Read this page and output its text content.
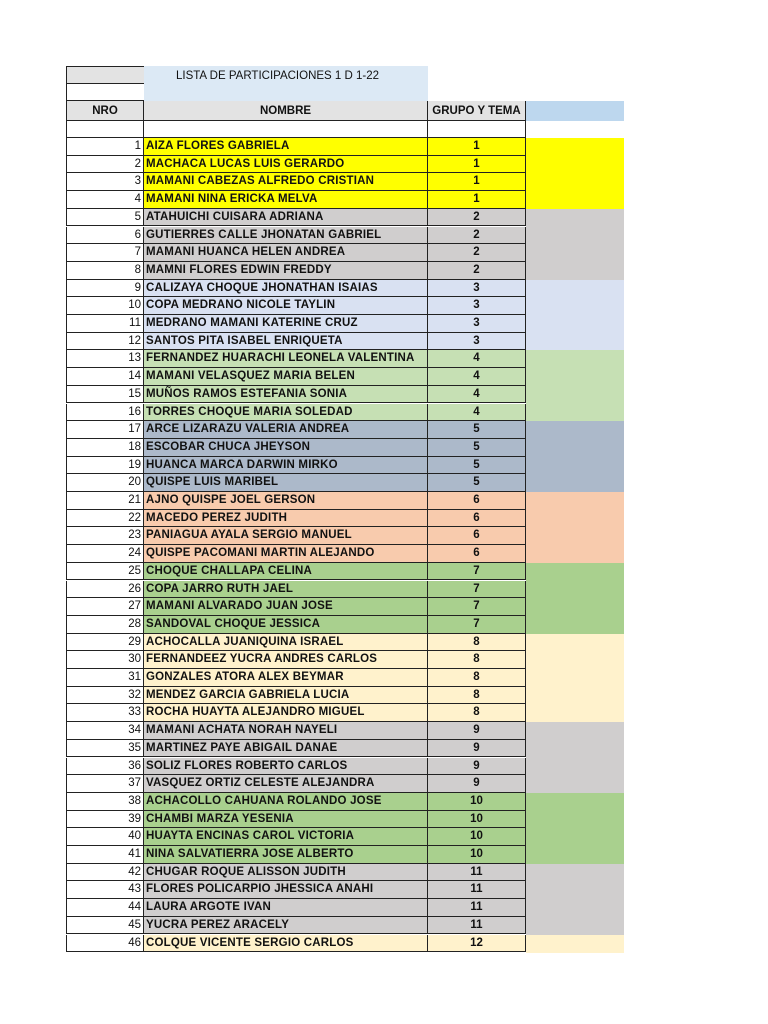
LISTA DE PARTICIPACIONES 1 D 1-22
NRO	NOMBRE	GRUPO Y TEMA
1 AIZA FLORES GABRIELA	1
2 MACHACA LUCAS LUIS GERARDO	1
3 MAMANI CABEZAS ALFREDO CRISTIAN	1
4 MAMANI NINA ERICKA MELVA	1
5 ATAHUICHI CUISARA ADRIANA	2
6 GUTIERRES CALLE JHONATAN GABRIEL	2
7 MAMANI HUANCA HELEN ANDREA	2
8 MAMNI FLORES EDWIN FREDDY	2
9 CALIZAYA CHOQUE JHONATHAN ISAIAS	3
10 COPA MEDRANO NICOLE TAYLIN	3
11 MEDRANO MAMANI KATERINE CRUZ	3
12 SANTOS PITA ISABEL ENRIQUETA	3
13 FERNANDEZ HUARACHI LEONELA VALENTINA	4
14 MAMANI VELASQUEZ MARIA BELEN	4
15 MUÑOS RAMOS ESTEFANIA SONIA	4
16 TORRES CHOQUE MARIA SOLEDAD	4
17 ARCE LIZARAZU VALERIA ANDREA	5
18 ESCOBAR CHUCA JHEYSON	5
19 HUANCA MARCA DARWIN MIRKO	5
20 QUISPE LUIS MARIBEL	5
21 AJNO QUISPE JOEL GERSON	6
22 MACEDO PEREZ JUDITH	6
23 PANIAGUA AYALA SERGIO MANUEL	6
24 QUISPE PACOMANI MARTIN ALEJANDO	6
25 CHOQUE CHALLAPA CELINA	7
26 COPA JARRO RUTH JAEL	7
27 MAMANI ALVARADO JUAN JOSE	7
28 SANDOVAL CHOQUE JESSICA	7
29 ACHOCALLA JUANIQUINA ISRAEL	8
30 FERNANDEEZ YUCRA ANDRES CARLOS	8
31 GONZALES ATORA ALEX BEYMAR	8
32 MENDEZ GARCIA GABRIELA LUCIA	8
33 ROCHA HUAYTA ALEJANDRO MIGUEL	8
34 MAMANI ACHATA NORAH NAYELI	9
35 MARTINEZ PAYE ABIGAIL DANAE	9
36 SOLIZ FLORES ROBERTO CARLOS	9
37 VASQUEZ ORTIZ CELESTE ALEJANDRA	9
38 ACHACOLLO CAHUANA ROLANDO JOSE	10
39 CHAMBI MARZA YESENIA	10
40 HUAYTA ENCINAS CAROL VICTORIA	10
41 NINA SALVATIERRA JOSE ALBERTO	10
42 CHUGAR ROQUE ALISSON JUDITH	11
43 FLORES POLICARPIO JHESSICA ANAHI	11
44 LAURA ARGOTE IVAN	11
45 YUCRA PEREZ ARACELY	11
46 COLQUE VICENTE SERGIO CARLOS	12
